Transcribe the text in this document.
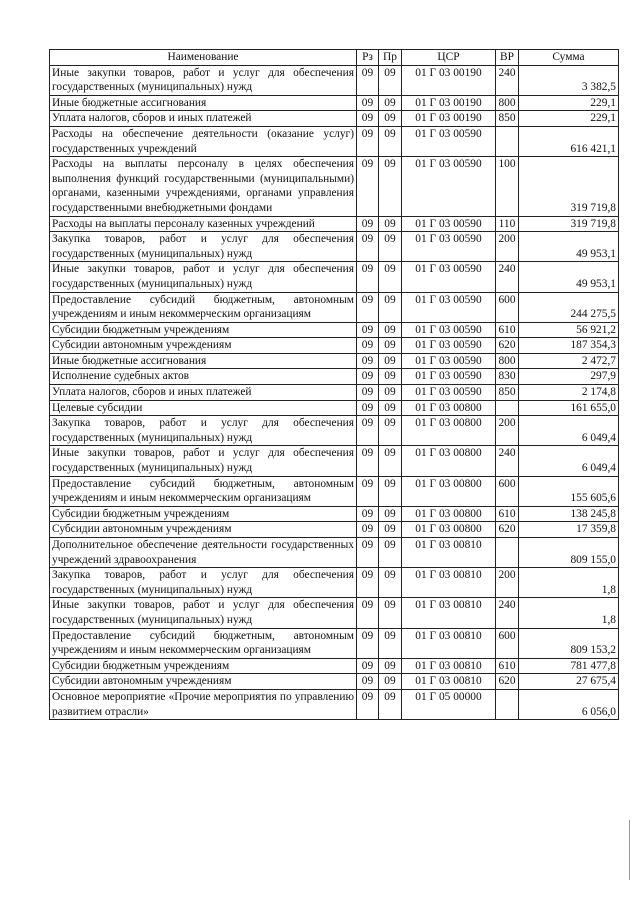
Наименование	Рз	Пр	ЦСР	ВР	Сумма
Иные закупки товаров, работ и услуг для обеспечения государственных (муниципальных) нужд	09	09	01 Г 03 00190	240	3 382,5
Иные бюджетные ассигнования	09	09	01 Г 03 00190	800	229,1
Уплата налогов, сборов и иных платежей	09	09	01 Г 03 00190	850	229,1
Расходы на обеспечение деятельности (оказание услуг) государственных учреждений	09	09	01 Г 03 00590		616 421,1
Расходы на выплаты персоналу в целях обеспечения выполнения функций государственными (муниципальными) органами, казенными учреждениями, органами управления государственными внебюджетными фондами	09	09	01 Г 03 00590	100	319 719,8
Расходы на выплаты персоналу казенных учреждений	09	09	01 Г 03 00590	110	319 719,8
Закупка товаров, работ и услуг для обеспечения государственных (муниципальных) нужд	09	09	01 Г 03 00590	200	49 953,1
Иные закупки товаров, работ и услуг для обеспечения государственных (муниципальных) нужд	09	09	01 Г 03 00590	240	49 953,1
Предоставление субсидий бюджетным, автономным учреждениям и иным некоммерческим организациям	09	09	01 Г 03 00590	600	244 275,5
Субсидии бюджетным учреждениям	09	09	01 Г 03 00590	610	56 921,2
Субсидии автономным учреждениям	09	09	01 Г 03 00590	620	187 354,3
Иные бюджетные ассигнования	09	09	01 Г 03 00590	800	2 472,7
Исполнение судебных актов	09	09	01 Г 03 00590	830	297,9
Уплата налогов, сборов и иных платежей	09	09	01 Г 03 00590	850	2 174,8
Целевые субсидии	09	09	01 Г 03 00800		161 655,0
Закупка товаров, работ и услуг для обеспечения государственных (муниципальных) нужд	09	09	01 Г 03 00800	200	6 049,4
Иные закупки товаров, работ и услуг для обеспечения государственных (муниципальных) нужд	09	09	01 Г 03 00800	240	6 049,4
Предоставление субсидий бюджетным, автономным учреждениям и иным некоммерческим организациям	09	09	01 Г 03 00800	600	155 605,6
Субсидии бюджетным учреждениям	09	09	01 Г 03 00800	610	138 245,8
Субсидии автономным учреждениям	09	09	01 Г 03 00800	620	17 359,8
Дополнительное обеспечение деятельности государственных учреждений здравоохранения	09	09	01 Г 03 00810		809 155,0
Закупка товаров, работ и услуг для обеспечения государственных (муниципальных) нужд	09	09	01 Г 03 00810	200	1,8
Иные закупки товаров, работ и услуг для обеспечения государственных (муниципальных) нужд	09	09	01 Г 03 00810	240	1,8
Предоставление субсидий бюджетным, автономным учреждениям и иным некоммерческим организациям	09	09	01 Г 03 00810	600	809 153,2
Субсидии бюджетным учреждениям	09	09	01 Г 03 00810	610	781 477,8
Субсидии автономным учреждениям	09	09	01 Г 03 00810	620	27 675,4
Основное мероприятие «Прочие мероприятия по управлению развитием отрасли»	09	09	01 Г 05 00000		6 056,0
